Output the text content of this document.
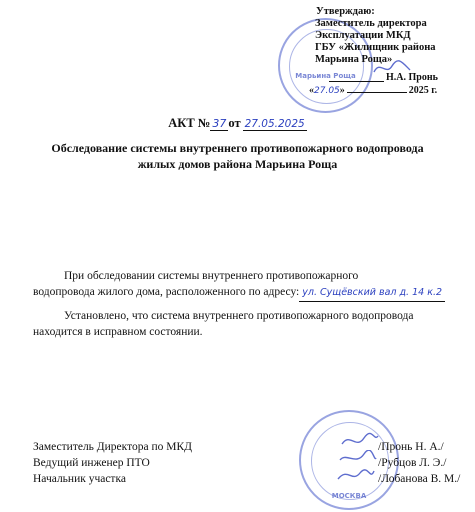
Марьина Роща
Утверждаю:
Заместитель директора
Эксплуатации МКД
ГБУ «Жилищник района
Марьина Роща»
Н.А. Пронь
«27.05»	2025 г.
АКТ № 37 от 27.05.2025
Обследование системы внутреннего противопожарного водопровода
жилых домов района Марьина Роща
При обследовании системы внутреннего противопожарного
водопровода жилого дома, расположенного по адресу: ул. Сущёвский вал д. 14 к.2
Установлено, что система внутреннего противопожарного водопровода
находится в исправном состоянии.
МОСКВА
Заместитель Директора по МКД	/Пронь Н. А./
Ведущий инженер ПТО	/Рубцов Л. Э./
Начальник участка	/Лобанова В. М./
